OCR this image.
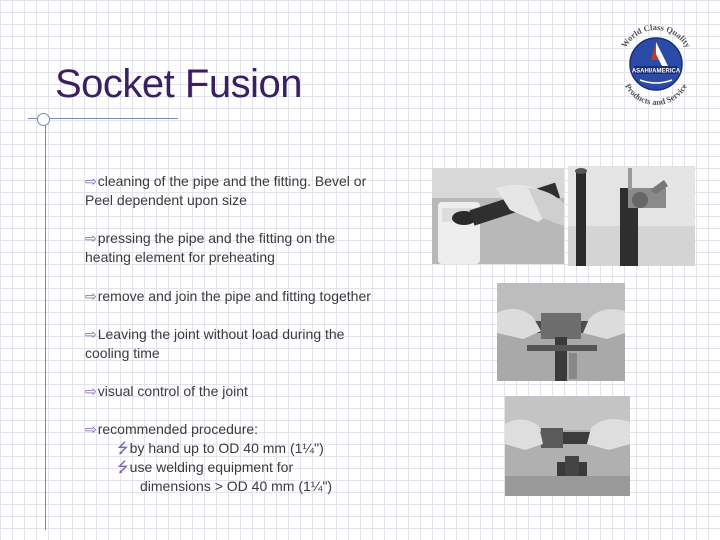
Socket Fusion	ASAHI/AMERICA
World Class Quality
Products and Service

⇨cleaning of the pipe and the fitting. Bevel or
Peel dependent upon size

⇨pressing the pipe and the fitting on the
heating element for preheating

⇨remove and join the pipe and fitting together

⇨Leaving the joint without load during the
cooling time

⇨visual control of the joint

⇨recommended procedure:

⭍by hand up to OD 40 mm (1¼")

⭍use welding equipment for

dimensions > OD 40 mm (1¼")
